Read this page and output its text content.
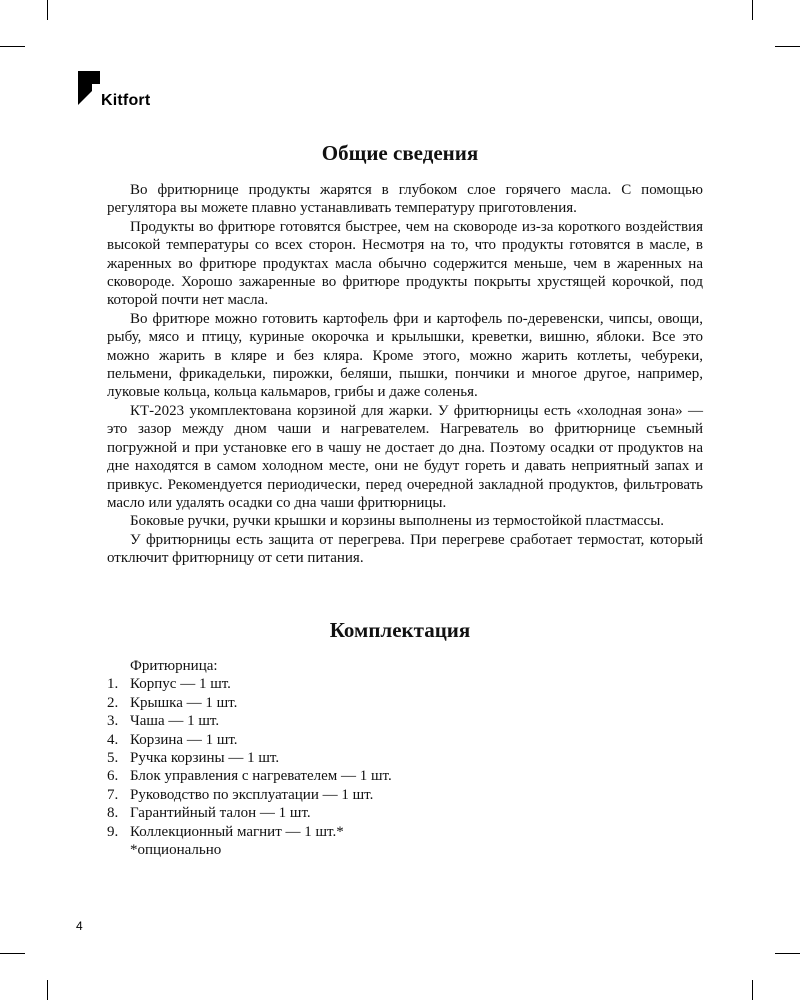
Kitfort
Общие сведения

Во фритюрнице продукты жарятся в глубоком слое горячего масла. С помощью регулятора вы можете плавно устанавливать температуру приготовления.

Продукты во фритюре готовятся быстрее, чем на сковороде из-за короткого воздействия высокой температуры со всех сторон. Несмотря на то, что продукты готовятся в масле, в жаренных во фритюре продуктах масла обычно содержится меньше, чем в жаренных на сковороде. Хорошо зажаренные во фритюре продукты покрыты хрустящей корочкой, под которой почти нет масла.

Во фритюре можно готовить картофель фри и картофель по-деревенски, чипсы, овощи, рыбу, мясо и птицу, куриные окорочка и крылышки, креветки, вишню, яблоки. Все это можно жарить в кляре и без кляра. Кроме этого, можно жарить котлеты, чебуреки, пельмени, фрикадельки, пирожки, беляши, пышки, пончики и многое другое, например, луковые кольца, кольца кальмаров, грибы и даже соленья.

КТ-2023 укомплектована корзиной для жарки. У фритюрницы есть «холодная зона» — это зазор между дном чаши и нагревателем. Нагреватель во фритюрнице съемный погружной и при установке его в чашу не достает до дна. Поэтому осадки от продуктов на дне находятся в самом холодном месте, они не будут гореть и давать неприятный запах и привкус. Рекомендуется периодически, перед очередной закладной продуктов, фильтровать масло или удалять осадки со дна чаши фритюрницы.

Боковые ручки, ручки крышки и корзины выполнены из термостойкой пластмассы.

У фритюрницы есть защита от перегрева. При перегреве сработает термостат, который отключит фритюрницу от сети питания.

Комплектация
Фритюрница:
1. Корпус — 1 шт.
2. Крышка — 1 шт.
3. Чаша — 1 шт.
4. Корзина — 1 шт.
5. Ручка корзины — 1 шт.
6. Блок управления с нагревателем — 1 шт.
7. Руководство по эксплуатации — 1 шт.
8. Гарантийный талон — 1 шт.
9. Коллекционный магнит — 1 шт.*
*опционально
4
